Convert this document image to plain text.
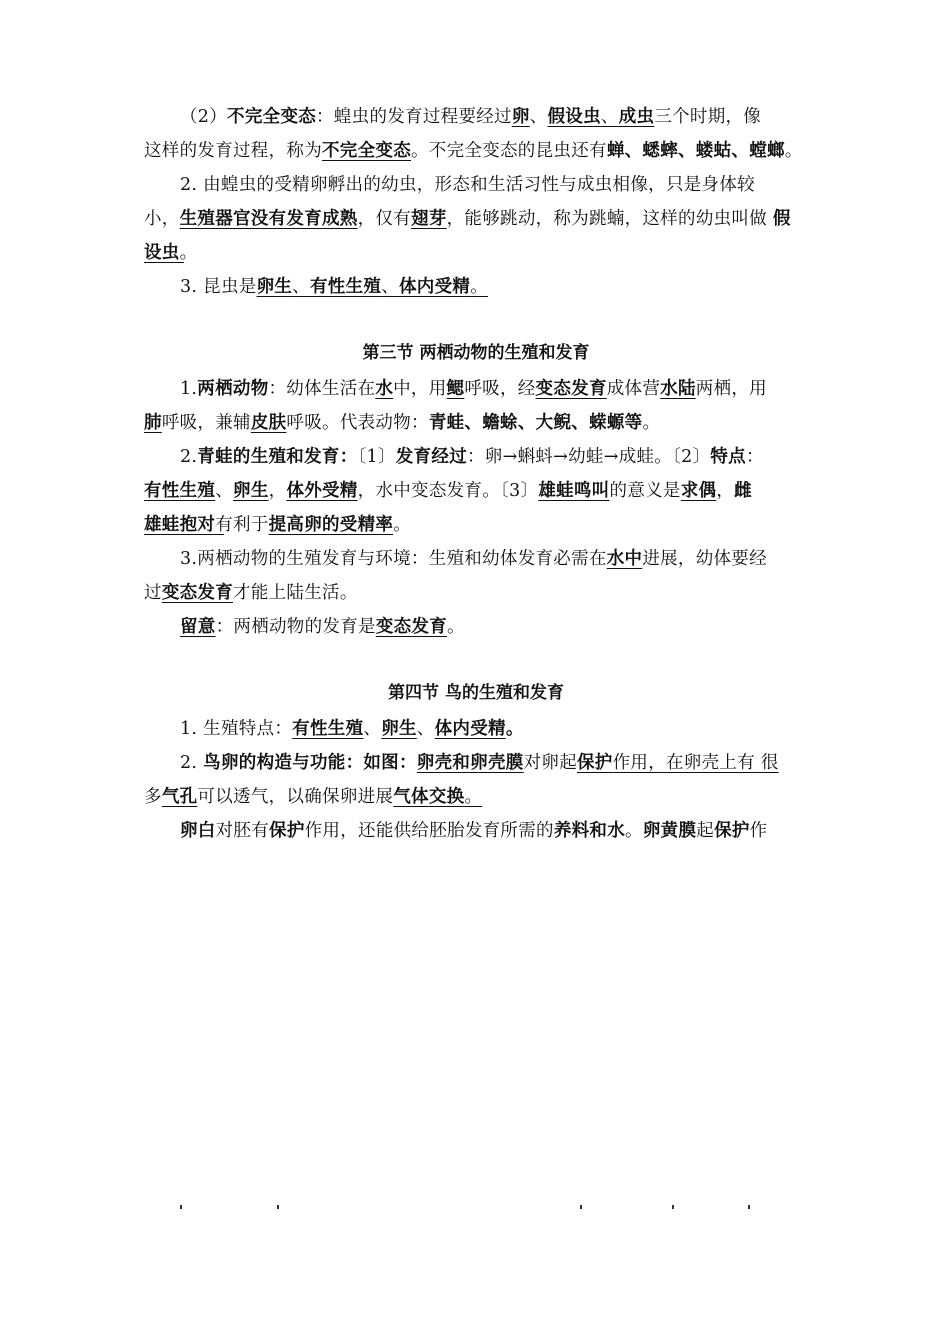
（2）不完全变态：蝗虫的发育过程要经过卵、假设虫、成虫三个时期，像
这样的发育过程，称为不完全变态。不完全变态的昆虫还有蝉、蟋蟀、蝼蛄、螳螂。
2. 由蝗虫的受精卵孵出的幼虫，形态和生活习性与成虫相像，只是身体较
小，生殖器官没有发育成熟，仅有翅芽，能够跳动，称为跳蝻，这样的幼虫叫做 假
设虫。
3. 昆虫是卵生、有性生殖、体内受精。
第三节 两栖动物的生殖和发育
1.两栖动物：幼体生活在水中，用鳃呼吸，经变态发育成体营水陆两栖，用
肺呼吸，兼辅皮肤呼吸。代表动物：青蛙、蟾蜍、大鲵、蝾螈等。
2.青蛙的生殖和发育：〔1〕发育经过：卵→蝌蚪→幼蛙→成蛙。〔2〕特点：
有性生殖、卵生，体外受精，水中变态发育。〔3〕雄蛙鸣叫的意义是求偶，雌
雄蛙抱对有利于提高卵的受精率。
3.两栖动物的生殖发育与环境：生殖和幼体发育必需在水中进展，幼体要经
过变态发育才能上陆生活。
留意：两栖动物的发育是变态发育。
第四节 鸟的生殖和发育
1. 生殖特点：有性生殖、卵生、体内受精。
2. 鸟卵的构造与功能：如图：卵壳和卵壳膜对卵起保护作用，在卵壳上有 很
多气孔可以透气，以确保卵进展气体交换。
卵白对胚有保护作用，还能供给胚胎发育所需的养料和水。卵黄膜起保护作
